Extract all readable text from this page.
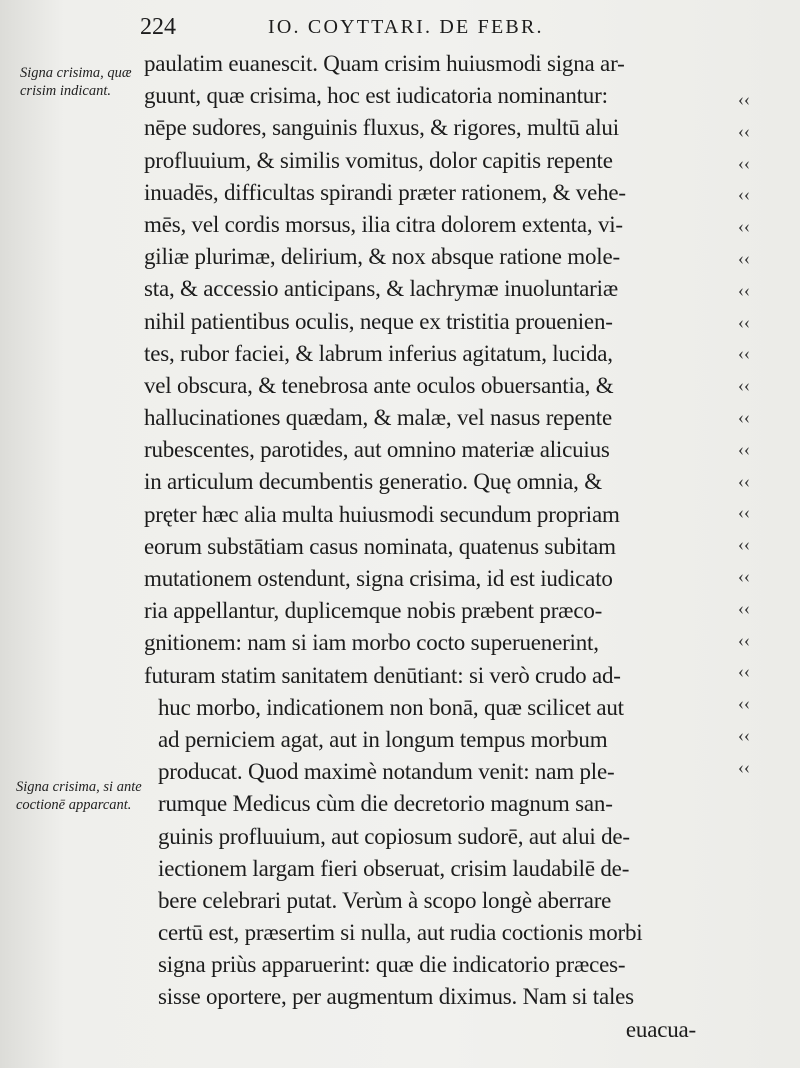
224	IO. COYTTARI. DE FEBR.
Signa crisima, quæ crisim indicant.
Signa crisima, si ante coctionē apparcant.
paulatim euanescit. Quam crisim huiusmodi signa ar-
guunt, quæ crisima, hoc est iudicatoria nominantur:
nēpe sudores, sanguinis fluxus, & rigores, multū alui
profluuium, & similis vomitus, dolor capitis repente
inuadēs, difficultas spirandi præter rationem, & vehe-
mēs, vel cordis morsus, ilia citra dolorem extenta, vi-
giliæ plurimæ, delirium, & nox absque ratione mole-
sta, & accessio anticipans, & lachrymæ inuoluntariæ
nihil patientibus oculis, neque ex tristitia prouenien-
tes, rubor faciei, & labrum inferius agitatum, lucida,
vel obscura, & tenebrosa ante oculos obuersantia, &
hallucinationes quædam, & malæ, vel nasus repente
rubescentes, parotides, aut omnino materiæ alicuius
in articulum decumbentis generatio. Quę omnia, &
pręter hæc alia multa huiusmodi secundum propriam
eorum substātiam casus nominata, quatenus subitam
mutationem ostendunt, signa crisima, id est iudicato
ria appellantur, duplicemque nobis præbent præco-
gnitionem: nam si iam morbo cocto superuenerint,
futuram statim sanitatem denūtiant: si verò crudo ad-
huc morbo, indicationem non bonā, quæ scilicet aut
ad perniciem agat, aut in longum tempus morbum
producat. Quod maximè notandum venit: nam ple-
rumque Medicus cùm die decretorio magnum san-
guinis profluuium, aut copiosum sudorē, aut alui de-
iectionem largam fieri obseruat, crisim laudabilē de-
bere celebrari putat. Verùm à scopo longè aberrare
certū est, præsertim si nulla, aut rudia coctionis morbi
signa priùs apparuerint: quæ die indicatorio præces-
sisse oportere, per augmentum diximus. Nam si tales
euacua-
‹‹
‹‹
‹‹
‹‹
‹‹
‹‹
‹‹
‹‹
‹‹
‹‹
‹‹
‹‹
‹‹
‹‹
‹‹
‹‹
‹‹
‹‹
‹‹
‹‹
‹‹
‹‹
